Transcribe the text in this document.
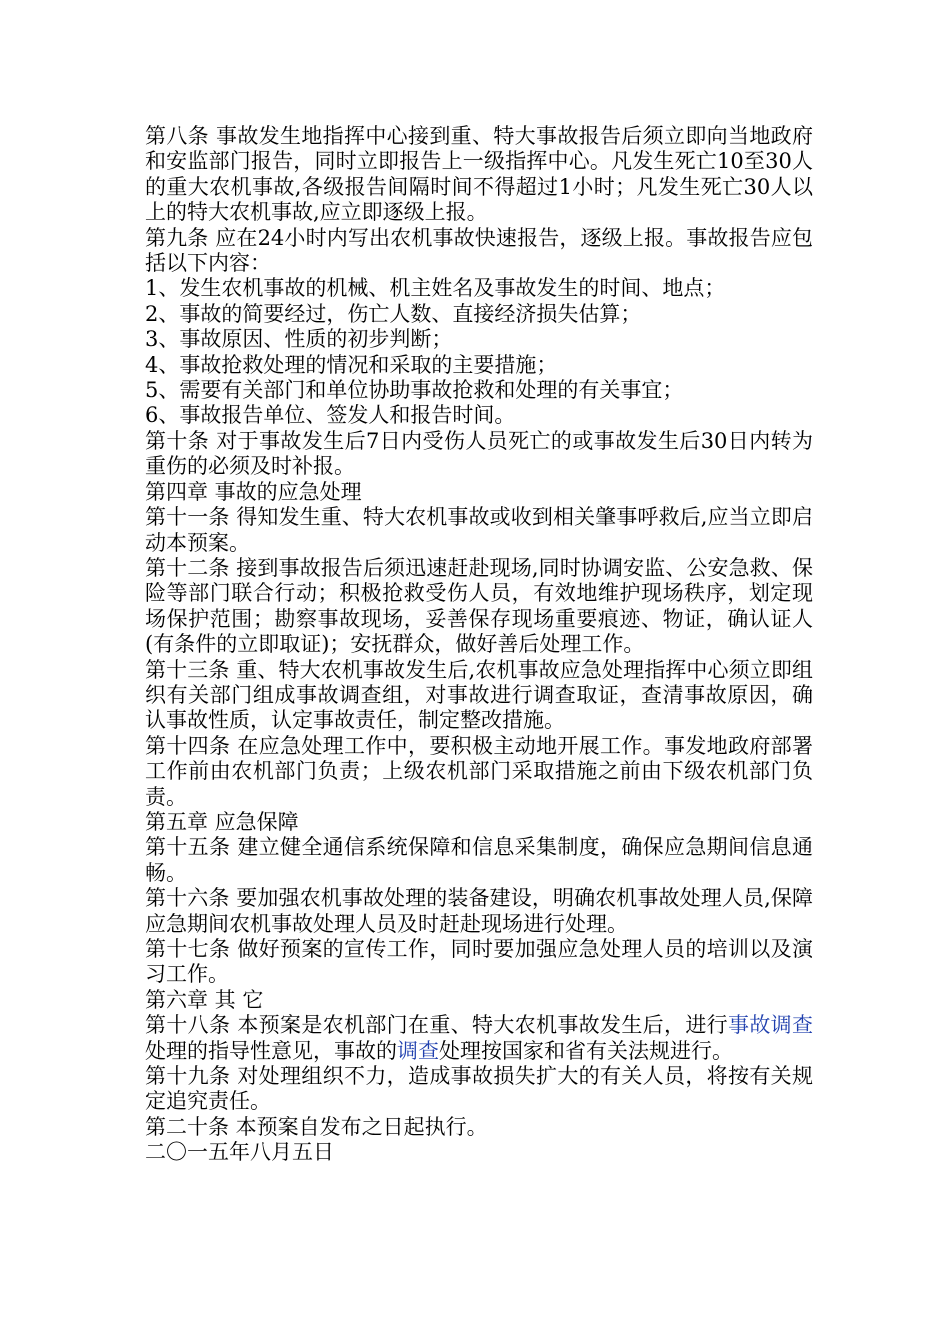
第八条 事故发生地指挥中心接到重、特大事故报告后须立即向当地政府和安监部门报告，同时立即报告上一级指挥中心。凡发生死亡10至30人的重大农机事故,各级报告间隔时间不得超过1小时；凡发生死亡30人以上的特大农机事故,应立即逐级上报。

第九条 应在24小时内写出农机事故快速报告，逐级上报。事故报告应包括以下内容：

1、发生农机事故的机械、机主姓名及事故发生的时间、地点；

2、事故的简要经过，伤亡人数、直接经济损失估算；

3、事故原因、性质的初步判断；

4、事故抢救处理的情况和采取的主要措施；

5、需要有关部门和单位协助事故抢救和处理的有关事宜；

6、事故报告单位、签发人和报告时间。

第十条 对于事故发生后7日内受伤人员死亡的或事故发生后30日内转为重伤的必须及时补报。

第四章 事故的应急处理

第十一条 得知发生重、特大农机事故或收到相关肇事呼救后,应当立即启动本预案。

第十二条 接到事故报告后须迅速赶赴现场,同时协调安监、公安急救、保险等部门联合行动；积极抢救受伤人员，有效地维护现场秩序，划定现场保护范围；勘察事故现场，妥善保存现场重要痕迹、物证，确认证人(有条件的立即取证)；安抚群众，做好善后处理工作。

第十三条 重、特大农机事故发生后,农机事故应急处理指挥中心须立即组织有关部门组成事故调查组，对事故进行调查取证，查清事故原因，确认事故性质，认定事故责任，制定整改措施。

第十四条 在应急处理工作中，要积极主动地开展工作。事发地政府部署工作前由农机部门负责；上级农机部门采取措施之前由下级农机部门负责。

第五章 应急保障

第十五条 建立健全通信系统保障和信息采集制度，确保应急期间信息通畅。

第十六条 要加强农机事故处理的装备建设，明确农机事故处理人员,保障应急期间农机事故处理人员及时赶赴现场进行处理。

第十七条 做好预案的宣传工作，同时要加强应急处理人员的培训以及演习工作。

第六章 其 它

第十八条 本预案是农机部门在重、特大农机事故发生后，进行事故调查处理的指导性意见，事故的调查处理按国家和省有关法规进行。

第十九条 对处理组织不力，造成事故损失扩大的有关人员，将按有关规定追究责任。

第二十条 本预案自发布之日起执行。

二〇一五年八月五日
